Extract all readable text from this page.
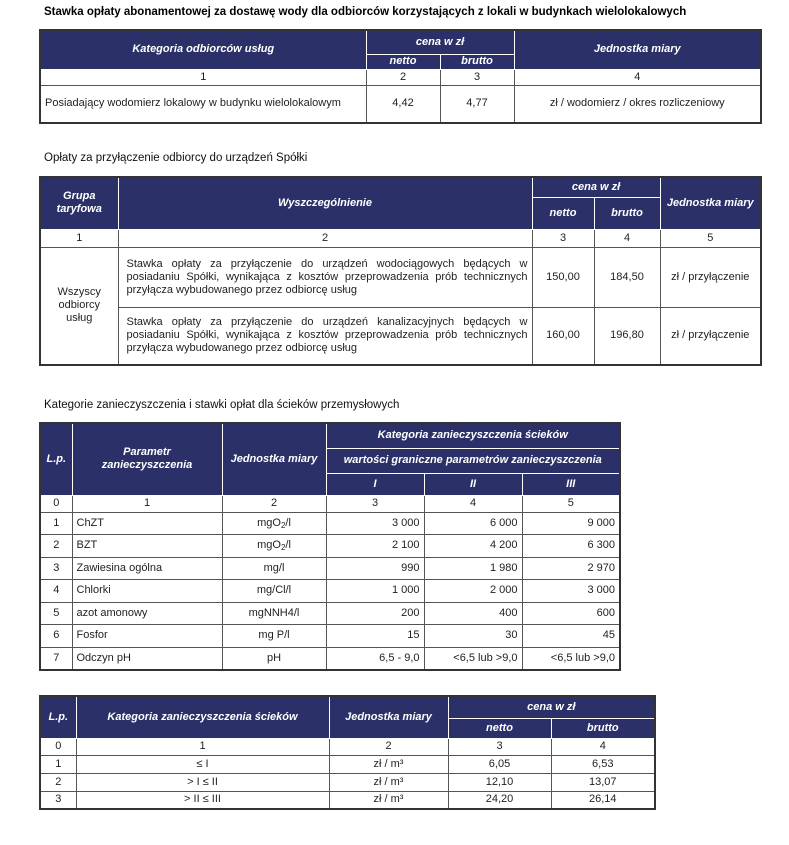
Stawka opłaty abonamentowej za dostawę wody dla odbiorców korzystających z lokali w budynkach wielolokalowych
Kategoria odbiorców usług	cena w zł		Jednostka miary
	netto	brutto	
1	2	3	4
Posiadający wodomierz lokalowy w budynku wielolokalowym	4,42	4,77	zł / wodomierz / okres rozliczeniowy
Opłaty za przyłączenie odbiorcy do urządzeń Spółki
Grupa taryfowa	Wyszczególnienie	cena w zł		Jednostka miary
		netto	brutto	
1	2	3	4	5
Wszyscy odbiorcy usług	Stawka opłaty za przyłączenie do urządzeń wodociągowych będących w posiadaniu Spółki, wynikająca z kosztów przeprowadzenia prób technicznych przyłącza wybudowanego przez odbiorcę usług	150,00	184,50	zł / przyłączenie
	Stawka opłaty za przyłączenie do urządzeń kanalizacyjnych będących w posiadaniu Spółki, wynikająca z kosztów przeprowadzenia prób technicznych przyłącza wybudowanego przez odbiorcę usług	160,00	196,80	zł / przyłączenie
Kategorie zanieczyszczenia i stawki opłat dla ścieków przemysłowych
L.p.	Parametr zanieczyszczenia	Jednostka miary	Kategoria zanieczyszczenia ścieków		
			wartości graniczne parametrów zanieczyszczenia		
			I	II	III
0	1	2	3	4	5
1	ChZT	mgO$_2$/l	3 000	6 000	9 000
2	BZT	mgO$_2$/l	2 100	4 200	6 300
3	Zawiesina ogólna	mg/l	990	1 980	2 970
4	Chlorki	mg/Cl/l	1 000	2 000	3 000
5	azot amonowy	mgNNH4/l	200	400	600
6	Fosfor	mg P/l	15	30	45
7	Odczyn pH	pH	6,5 - 9,0	<6,5 lub >9,0	<6,5 lub >9,0
L.p.	Kategoria zanieczyszczenia ścieków	Jednostka miary	cena w zł	
			netto	brutto
0	1	2	3	4
1	≤ I	zł / m³	6,05	6,53
2	> I ≤ II	zł / m³	12,10	13,07
3	> II ≤ III	zł / m³	24,20	26,14
